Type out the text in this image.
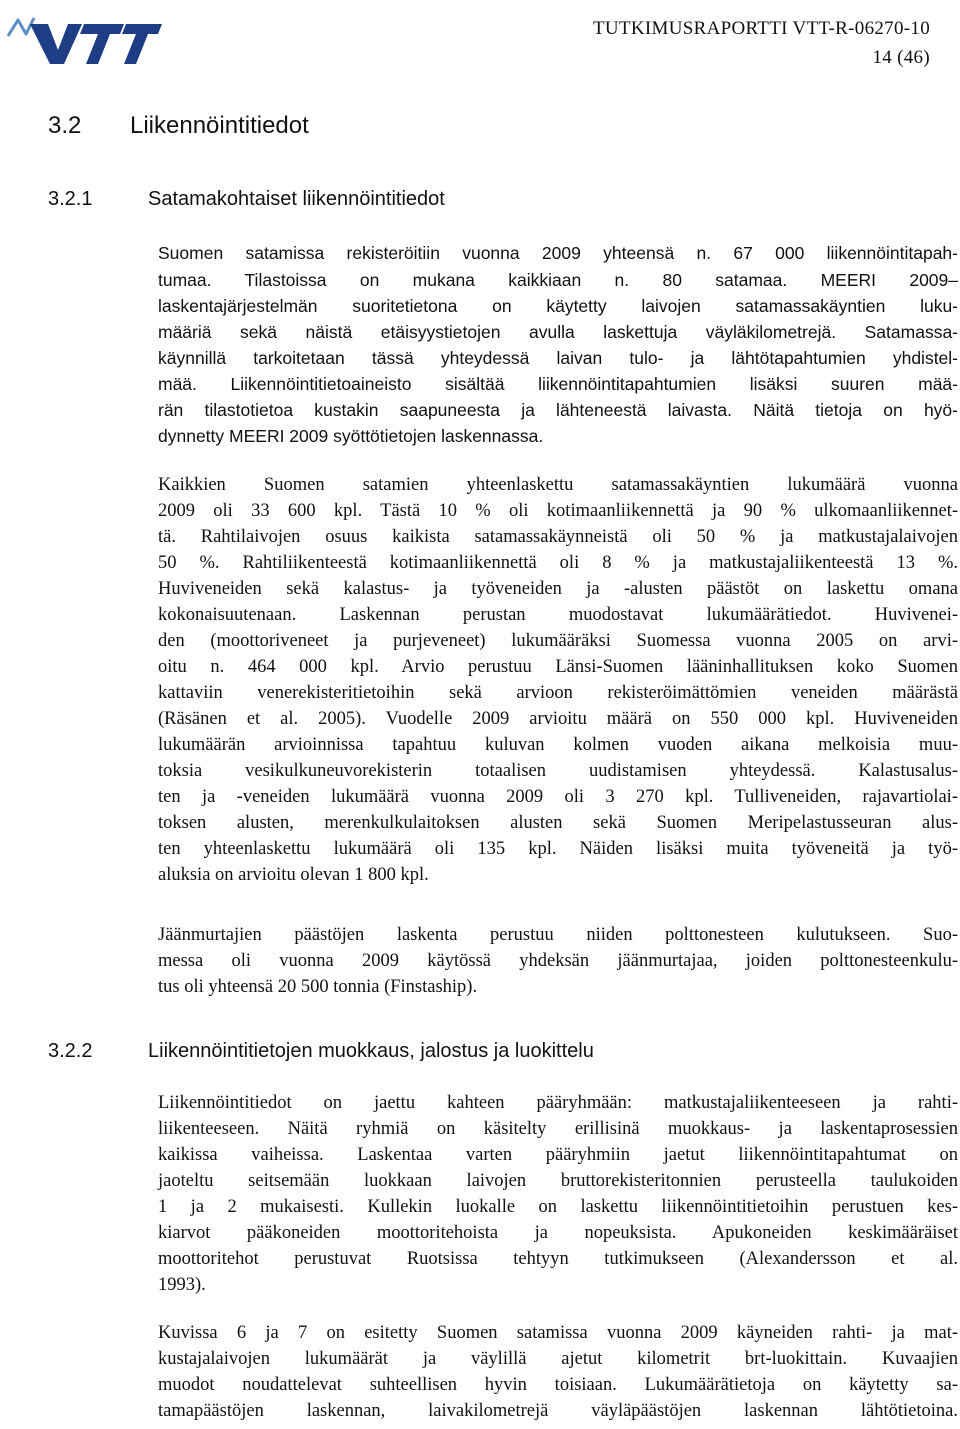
TUTKIMUSRAPORTTI VTT-R-06270-10
14 (46)
3.2 Liikennöintitiedot
3.2.1	Satamakohtaiset liikennöintitiedot
3.2.2	Liikennöintitietojen muokkaus, jalostus ja luokittelu
Suomen satamissa rekisteröitiin vuonna 2009 yhteensä n. 67 000 liikennöintitapah-
tumaa. Tilastoissa on mukana kaikkiaan n. 80 satamaa. MEERI 2009–
laskentajärjestelmän suoritetietona on käytetty laivojen satamassakäyntien luku-
määriä sekä näistä etäisyystietojen avulla laskettuja väyläkilometrejä. Satamassa-
käynnillä tarkoitetaan tässä yhteydessä laivan tulo- ja lähtötapahtumien yhdistel-
mää. Liikennöintitietoaineisto sisältää liikennöintitapahtumien lisäksi suuren mää-
rän tilastotietoa kustakin saapuneesta ja lähteneestä laivasta. Näitä tietoja on hyö-
dynnetty MEERI 2009 syöttötietojen laskennassa.
Kaikkien Suomen satamien yhteenlaskettu satamassakäyntien lukumäärä vuonna
2009 oli 33 600 kpl. Tästä 10 % oli kotimaanliikennettä ja 90 % ulkomaanliikennet-
tä. Rahtilaivojen osuus kaikista satamassakäynneistä oli 50 % ja matkustajalaivojen
50 %. Rahtiliikenteestä kotimaanliikennettä oli 8 % ja matkustajaliikenteestä 13 %.
Huviveneiden sekä kalastus- ja työveneiden ja -alusten päästöt on laskettu omana
kokonaisuutenaan. Laskennan perustan muodostavat lukumäärätiedot. Huvivenei-
den (moottoriveneet ja purjeveneet) lukumääräksi Suomessa vuonna 2005 on arvi-
oitu n. 464 000 kpl. Arvio perustuu Länsi-Suomen lääninhallituksen koko Suomen
kattaviin venerekisteritietoihin sekä arvioon rekisteröimättömien veneiden määrästä
(Räsänen et al. 2005). Vuodelle 2009 arvioitu määrä on 550 000 kpl. Huviveneiden
lukumäärän arvioinnissa tapahtuu kuluvan kolmen vuoden aikana melkoisia muu-
toksia vesikulkuneuvorekisterin totaalisen uudistamisen yhteydessä. Kalastusalus-
ten ja -veneiden lukumäärä vuonna 2009 oli 3 270 kpl. Tulliveneiden, rajavartiolai-
toksen alusten, merenkulkulaitoksen alusten sekä Suomen Meripelastusseuran alus-
ten yhteenlaskettu lukumäärä oli 135 kpl. Näiden lisäksi muita työveneitä ja työ-
aluksia on arvioitu olevan 1 800 kpl.
Jäänmurtajien päästöjen laskenta perustuu niiden polttonesteen kulutukseen. Suo-
messa oli vuonna 2009 käytössä yhdeksän jäänmurtajaa, joiden polttonesteenkulu-
tus oli yhteensä 20 500 tonnia (Finstaship).
Liikennöintitiedot on jaettu kahteen pääryhmään: matkustajaliikenteeseen ja rahti-
liikenteeseen. Näitä ryhmiä on käsitelty erillisinä muokkaus- ja laskentaprosessien
kaikissa vaiheissa. Laskentaa varten pääryhmiin jaetut liikennöintitapahtumat on
jaoteltu seitsemään luokkaan laivojen bruttorekisteritonnien perusteella taulukoiden
1 ja 2 mukaisesti. Kullekin luokalle on laskettu liikennöintitietoihin perustuen kes-
kiarvot pääkoneiden moottoritehoista ja nopeuksista. Apukoneiden keskimääräiset
moottoritehot perustuvat Ruotsissa tehtyyn tutkimukseen (Alexandersson et al.
1993).
Kuvissa 6 ja 7 on esitetty Suomen satamissa vuonna 2009 käyneiden rahti- ja mat-
kustajalaivojen lukumäärät ja väylillä ajetut kilometrit brt-luokittain. Kuvaajien
muodot noudattelevat suhteellisen hyvin toisiaan. Lukumäärätietoja on käytetty sa-
tamapäästöjen laskennan, laivakilometrejä väyläpäästöjen laskennan lähtötietoina.
